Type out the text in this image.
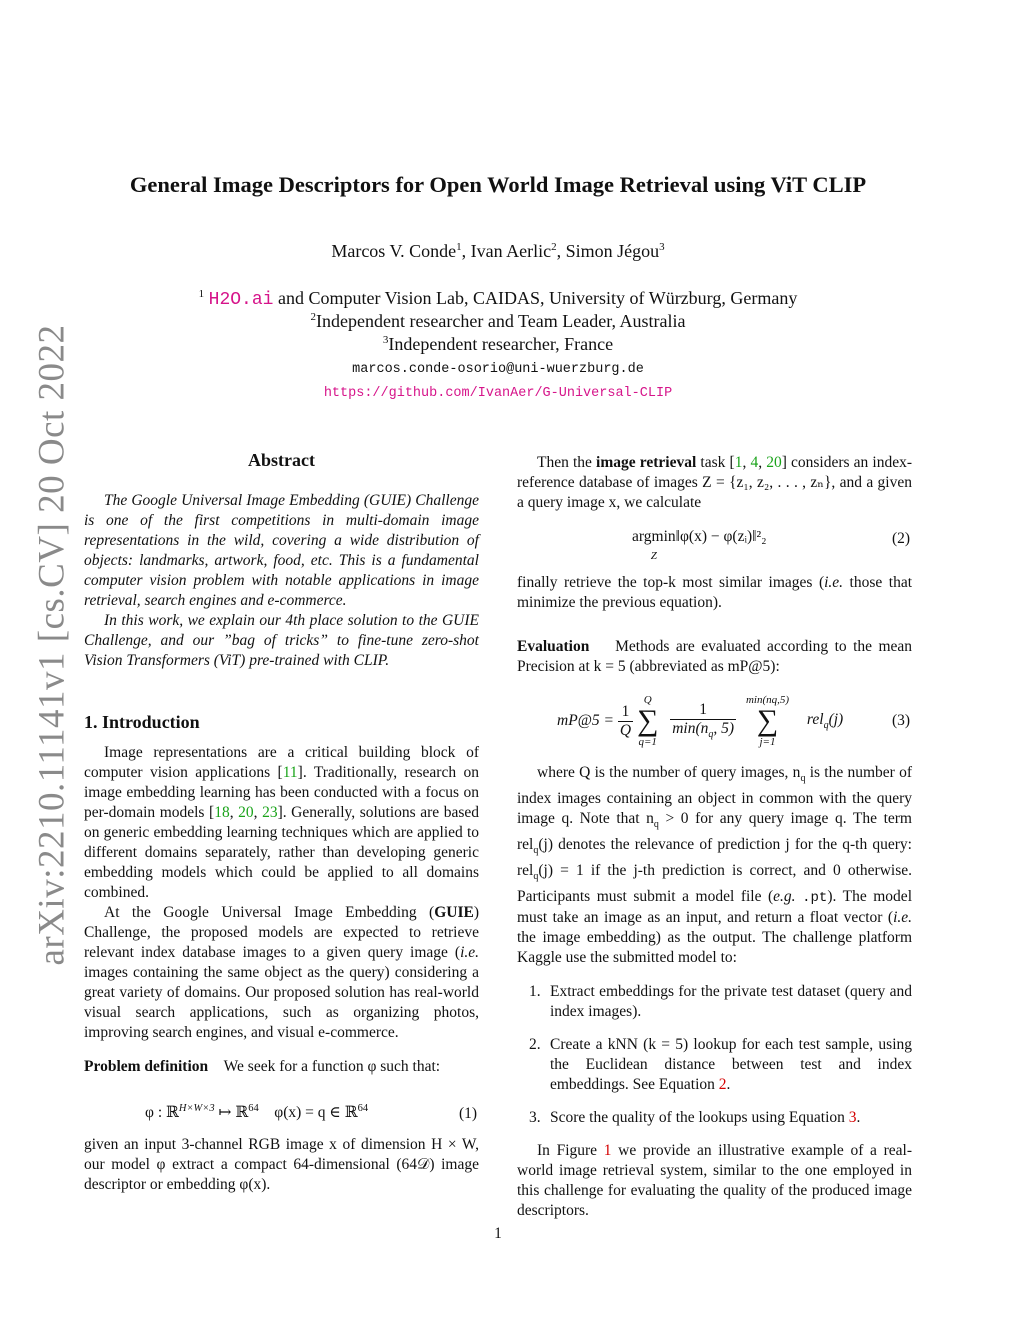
arXiv:2210.11141v1 [cs.CV] 20 Oct 2022
General Image Descriptors for Open World Image Retrieval using ViT CLIP
Marcos V. Conde$^1$, Ivan Aerlic$^2$, Simon Jégou$^3$
$^1$ H2O.ai and Computer Vision Lab, CAIDAS, University of Würzburg, Germany
$^2$Independent researcher and Team Leader, Australia
$^3$Independent researcher, France
marcos.conde-osorio@uni-wuerzburg.de
https://github.com/IvanAer/G-Universal-CLIP
Abstract

The Google Universal Image Embedding (GUIE) Challenge is one of the first competitions in multi-domain image representations in the wild, covering a wide distribution of objects: landmarks, artwork, food, etc. This is a fundamental computer vision problem with notable applications in image retrieval, search engines and e-commerce.

In this work, we explain our 4th place solution to the GUIE Challenge, and our ”bag of tricks” to fine-tune zero-shot Vision Transformers (ViT) pre-trained with CLIP.

1. Introduction

Image representations are a critical building block of computer vision applications [11]. Traditionally, research on image embedding learning has been conducted with a focus on per-domain models [18, 20, 23]. Generally, solutions are based on generic embedding learning techniques which are applied to different domains separately, rather than developing generic embedding models which could be applied to all domains combined.

At the Google Universal Image Embedding (GUIE) Challenge, the proposed models are expected to retrieve relevant index database images to a given query image (i.e. images containing the same object as the query) considering a great variety of domains. Our proposed solution has real-world visual search applications, such as organizing photos, improving search engines, and visual e-commerce.

Problem definition We seek for a function φ such that:

φ : ℝ$^{H\times W\times 3}$ ↦ ℝ$^{64}$ φ(x) = q ∈ ℝ$^{64}$	(1)

given an input 3-channel RGB image x of dimension H × W, our model φ extract a compact 64-dimensional (64𝒟) image descriptor or embedding φ(x).

Then the image retrieval task [1, 4, 20] considers an index-reference database of images Z = {z₁, z₂, . . . , zₙ}, and a given a query image x, we calculate

argmin
Z‖φ(x) − φ(zᵢ)‖²₂	(2)

finally retrieve the top-k most similar images (i.e. those that minimize the previous equation).

Evaluation Methods are evaluated according to the mean Precision at k = 5 (abbreviated as mP@5):

mP@5 = $\frac{1}{Q}$

Q
∑
q=1

$\frac{1}{\min(n_q, 5)}$

min(nq,5)
∑
j=1
rel$_q$(j)	(3)

where Q is the number of query images, $n_q$ is the number of index images containing an object in common with the query image q. Note that $n_q > 0$ for any query image q. The term rel$_q$(j) denotes the relevance of prediction j for the q-th query: rel$_q$(j) = 1 if the j-th prediction is correct, and 0 otherwise. Participants must submit a model file (e.g. .pt). The model must take an image as an input, and return a float vector (i.e. the image embedding) as the output. The challenge platform Kaggle use the submitted model to:

1. Extract embeddings for the private test dataset (query and index images).
2. Create a kNN (k = 5) lookup for each test sample, using the Euclidean distance between test and index embeddings. See Equation 2.
3. Score the quality of the lookups using Equation 3.

In Figure 1 we provide an illustrative example of a real-world image retrieval system, similar to the one employed in this challenge for evaluating the quality of the produced image descriptors.

1
